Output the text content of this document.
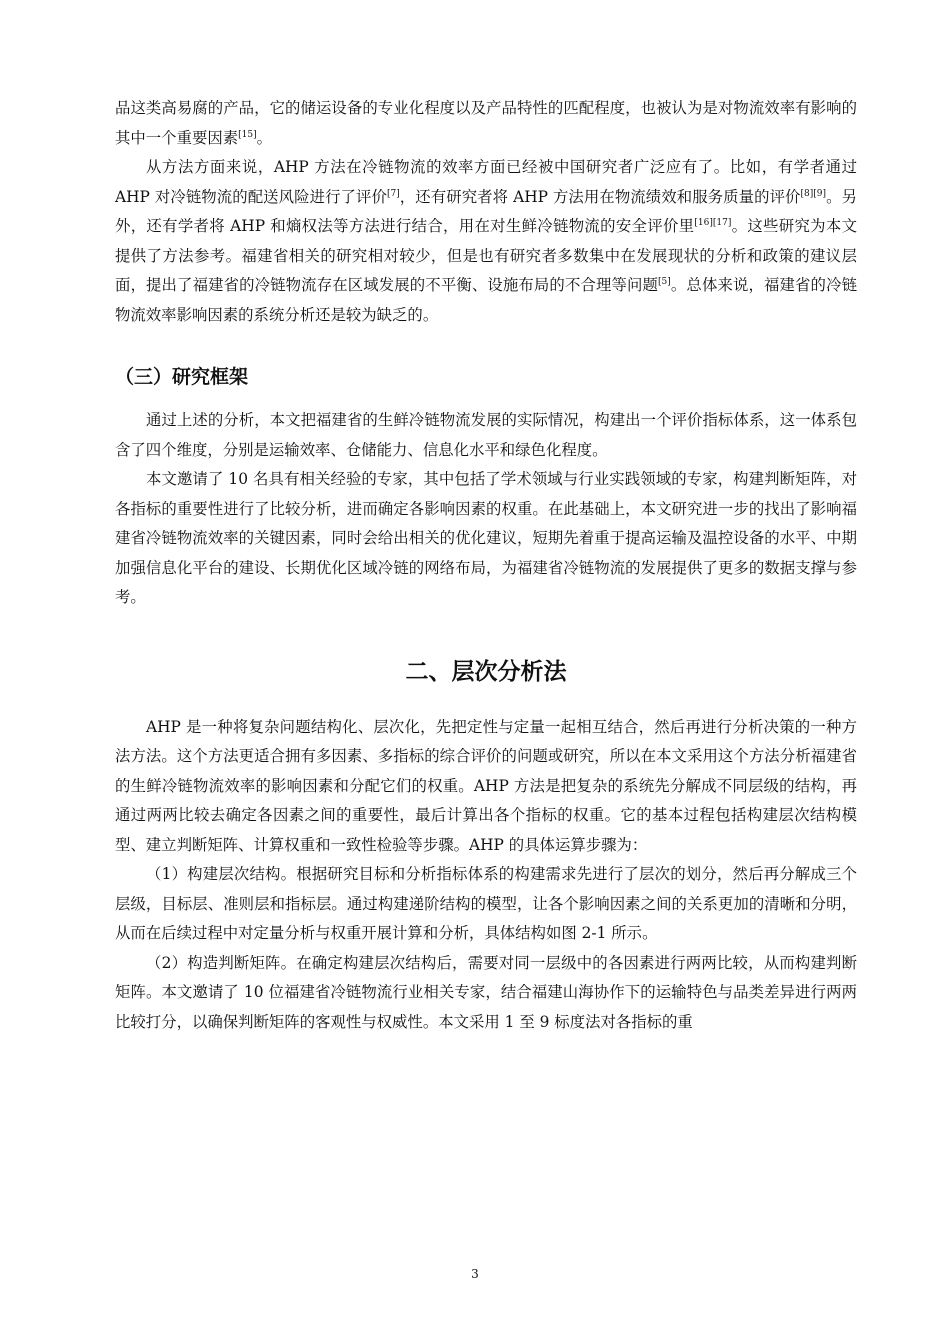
品这类高易腐的产品，它的储运设备的专业化程度以及产品特性的匹配程度，也被认为是对物流效率有影响的其中一个重要因素[15]。

从方法方面来说，AHP 方法在冷链物流的效率方面已经被中国研究者广泛应有了。比如，有学者通过 AHP 对冷链物流的配送风险进行了评价[7]，还有研究者将 AHP 方法用在物流绩效和服务质量的评价[8][9]。另外，还有学者将 AHP 和熵权法等方法进行结合，用在对生鲜冷链物流的安全评价里[16][17]。这些研究为本文提供了方法参考。福建省相关的研究相对较少，但是也有研究者多数集中在发展现状的分析和政策的建议层面，提出了福建省的冷链物流存在区域发展的不平衡、设施布局的不合理等问题[5]。总体来说，福建省的冷链物流效率影响因素的系统分析还是较为缺乏的。

（三）研究框架

通过上述的分析，本文把福建省的生鲜冷链物流发展的实际情况，构建出一个评价指标体系，这一体系包含了四个维度，分别是运输效率、仓储能力、信息化水平和绿色化程度。

本文邀请了 10 名具有相关经验的专家，其中包括了学术领域与行业实践领域的专家，构建判断矩阵，对各指标的重要性进行了比较分析，进而确定各影响因素的权重。在此基础上，本文研究进一步的找出了影响福建省冷链物流效率的关键因素，同时会给出相关的优化建议，短期先着重于提高运输及温控设备的水平、中期加强信息化平台的建设、长期优化区域冷链的网络布局，为福建省冷链物流的发展提供了更多的数据支撑与参考。

二、层次分析法

AHP 是一种将复杂问题结构化、层次化，先把定性与定量一起相互结合，然后再进行分析决策的一种方法方法。这个方法更适合拥有多因素、多指标的综合评价的问题或研究，所以在本文采用这个方法分析福建省的生鲜冷链物流效率的影响因素和分配它们的权重。AHP 方法是把复杂的系统先分解成不同层级的结构，再通过两两比较去确定各因素之间的重要性，最后计算出各个指标的权重。它的基本过程包括构建层次结构模型、建立判断矩阵、计算权重和一致性检验等步骤。AHP 的具体运算步骤为：

（1）构建层次结构。根据研究目标和分析指标体系的构建需求先进行了层次的划分，然后再分解成三个层级，目标层、准则层和指标层。通过构建递阶结构的模型，让各个影响因素之间的关系更加的清晰和分明，从而在后续过程中对定量分析与权重开展计算和分析，具体结构如图 2-1 所示。

（2）构造判断矩阵。在确定构建层次结构后，需要对同一层级中的各因素进行两两比较，从而构建判断矩阵。本文邀请了 10 位福建省冷链物流行业相关专家，结合福建山海协作下的运输特色与品类差异进行两两比较打分，以确保判断矩阵的客观性与权威性。本文采用 1 至 9 标度法对各指标的重

3
